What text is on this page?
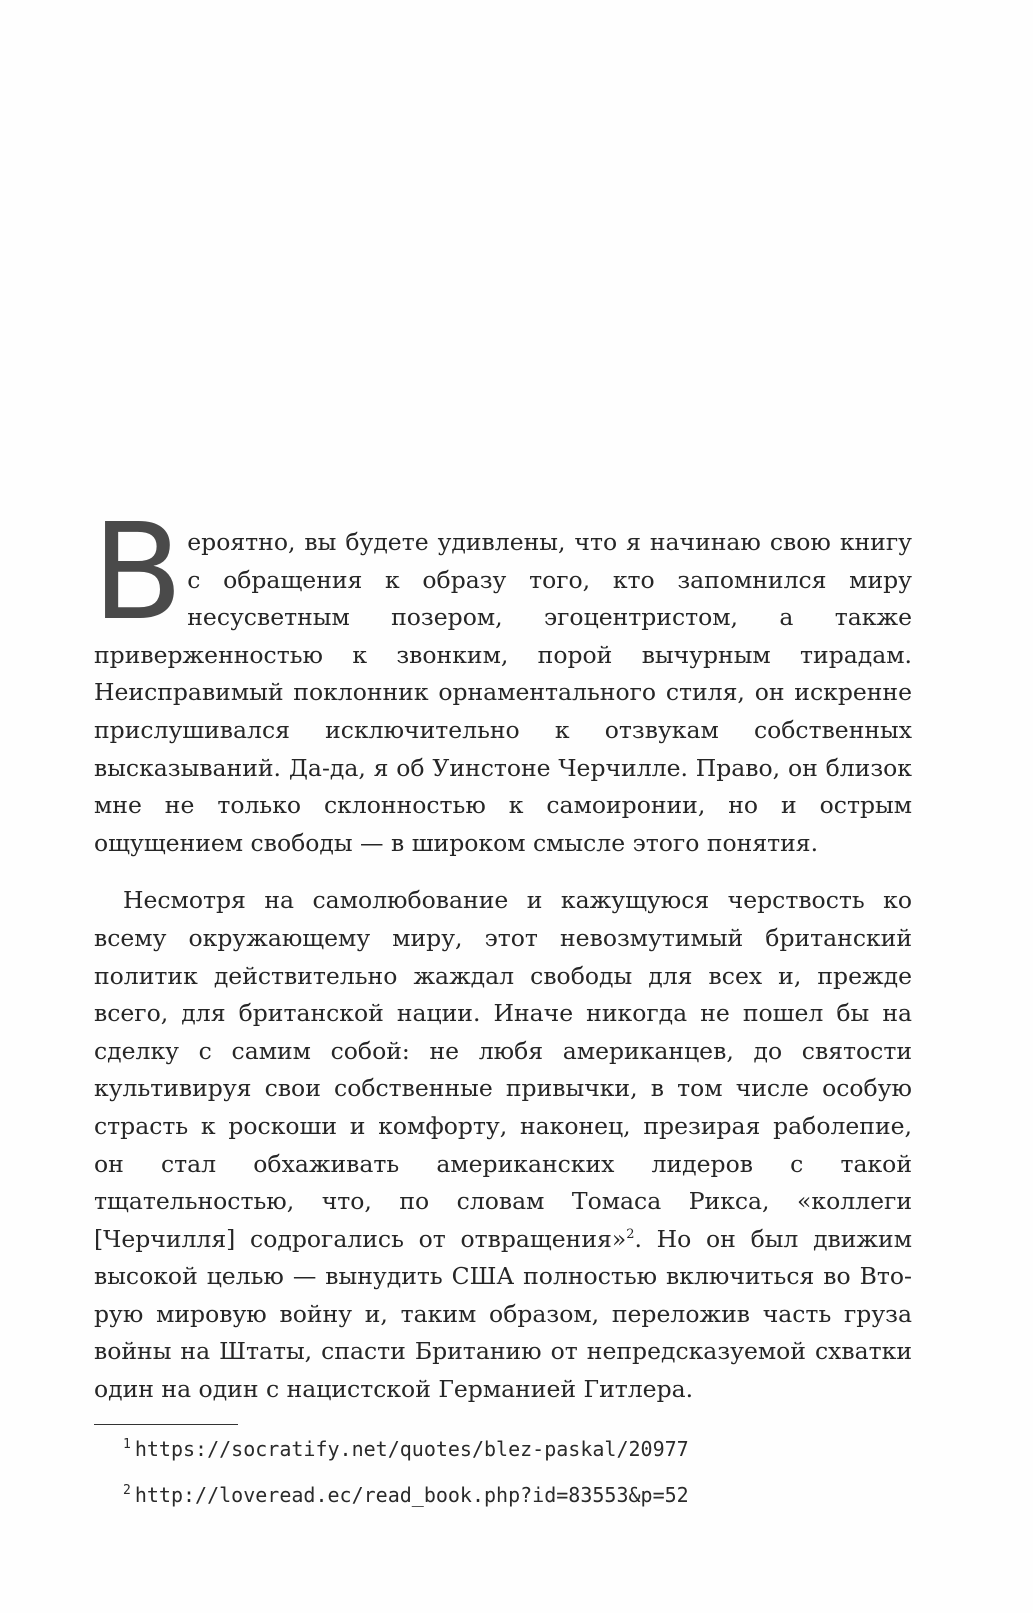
В ероятно, вы будете удивлены, что я начинаю свою книгу с обращения к образу того, кто запомнился миру несусветным позером, эгоцентристом, а также приверженностью к звонким, порой вычурным тирадам. Неисправимый поклонник орнаментального стиля, он искренне прислушивался исключительно к отзвукам собственных высказываний. Да-да, я об Уинстоне Черчилле. Право, он близок мне не только склонностью к самоиронии, но и острым ощущением свободы — в широком смысле этого понятия.

Несмотря на самолюбование и кажущуюся черствость ко всему окружающему миру, этот невозмутимый британский политик действительно жаждал свободы для всех и, прежде всего, для британской нации. Иначе никогда не пошел бы на сделку с самим собой: не любя американцев, до святости культивируя свои собственные привычки, в том числе особую страсть к роскоши и комфорту, наконец, презирая раболепие, он стал обхаживать американских лидеров с такой тщательностью, что, по словам Томаса Рикса, «коллеги [Черчилля] содрогались от отвращения»$^2$. Но он был движим высокой целью — вынудить США полностью включиться во Вторую мировую войну и, таким образом, переложив часть груза войны на Штаты, спасти Британию от непредсказуемой схватки один на один с нацистской Германией Гитлера.

$^1$ https://socratify.net/quotes/blez-paskal/20977
$^2$ http://loveread.ec/read_book.php?id=83553&p=52
